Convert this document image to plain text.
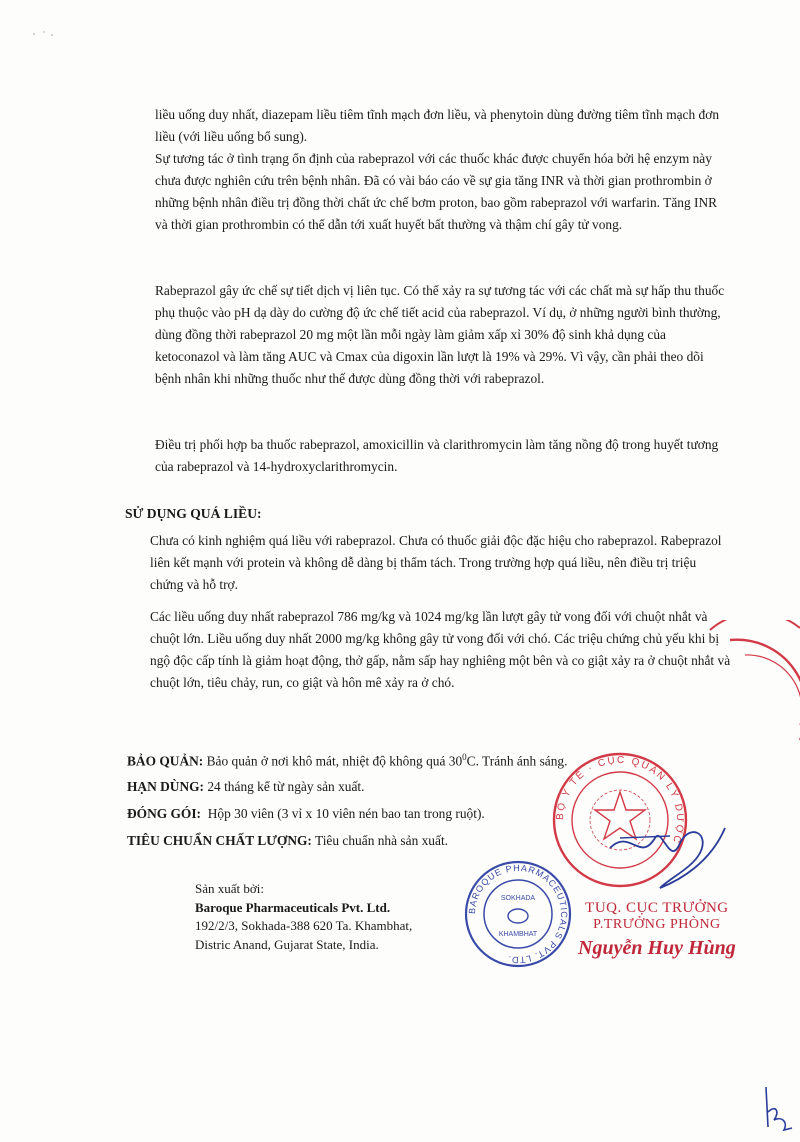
liều uống duy nhất, diazepam liều tiêm tĩnh mạch đơn liều, và phenytoin dùng đường tiêm tĩnh mạch đơn liều (với liều uống bổ sung).

Sự tương tác ở tình trạng ổn định của rabeprazol với các thuốc khác được chuyển hóa bởi hệ enzym này chưa được nghiên cứu trên bệnh nhân. Đã có vài báo cáo về sự gia tăng INR và thời gian prothrombin ở những bệnh nhân điều trị đồng thời chất ức chế bơm proton, bao gồm rabeprazol với warfarin. Tăng INR và thời gian prothrombin có thể dẫn tới xuất huyết bất thường và thậm chí gây tử vong.

Rabeprazol gây ức chế sự tiết dịch vị liên tục. Có thể xảy ra sự tương tác với các chất mà sự hấp thu thuốc phụ thuộc vào pH dạ dày do cường độ ức chế tiết acid của rabeprazol. Ví dụ, ở những người bình thường, dùng đồng thời rabeprazol 20 mg một lần mỗi ngày làm giảm xấp xỉ 30% độ sinh khả dụng của ketoconazol và làm tăng AUC và Cmax của digoxin lần lượt là 19% và 29%. Vì vậy, cần phải theo dõi bệnh nhân khi những thuốc như thế được dùng đồng thời với rabeprazol.

Điều trị phối hợp ba thuốc rabeprazol, amoxicillin và clarithromycin làm tăng nồng độ trong huyết tương của rabeprazol và 14-hydroxyclarithromycin.

SỬ DỤNG QUÁ LIỀU:

Chưa có kinh nghiệm quá liều với rabeprazol. Chưa có thuốc giải độc đặc hiệu cho rabeprazol. Rabeprazol liên kết mạnh với protein và không dễ dàng bị thẩm tách. Trong trường hợp quá liều, nên điều trị triệu chứng và hỗ trợ.

Các liều uống duy nhất rabeprazol 786 mg/kg và 1024 mg/kg lần lượt gây tử vong đối với chuột nhắt và chuột lớn. Liều uống duy nhất 2000 mg/kg không gây tử vong đối với chó. Các triệu chứng chủ yếu khi bị ngộ độc cấp tính là giảm hoạt động, thở gấp, nằm sấp hay nghiêng một bên và co giật xảy ra ở chuột nhắt và chuột lớn, tiêu chảy, run, co giật và hôn mê xảy ra ở chó.

BẢO QUẢN: Bảo quản ở nơi khô mát, nhiệt độ không quá $30^0C$. Tránh ánh sáng.
HẠN DÙNG: 24 tháng kể từ ngày sản xuất.
ĐÓNG GÓI:  Hộp 30 viên (3 vỉ x 10 viên nén bao tan trong ruột).
TIÊU CHUẨN CHẤT LƯỢNG: Tiêu chuẩn nhà sản xuất.
Sản xuất bởi:
Baroque Pharmaceuticals Pvt. Ltd.
192/2/3, Sokhada-388 620 Ta. Khambhat,
Distric Anand, Gujarat State, India.
BAROQUE PHARMACEUTICALS PVT. LTD.
SOKHADA
KHAMBHAT
BỘ Y TẾ · CỤC QUẢN LÝ DƯỢC
TUQ. CỤC TRƯỞNG
P.TRƯỞNG PHÒNG
Nguyễn Huy Hùng
